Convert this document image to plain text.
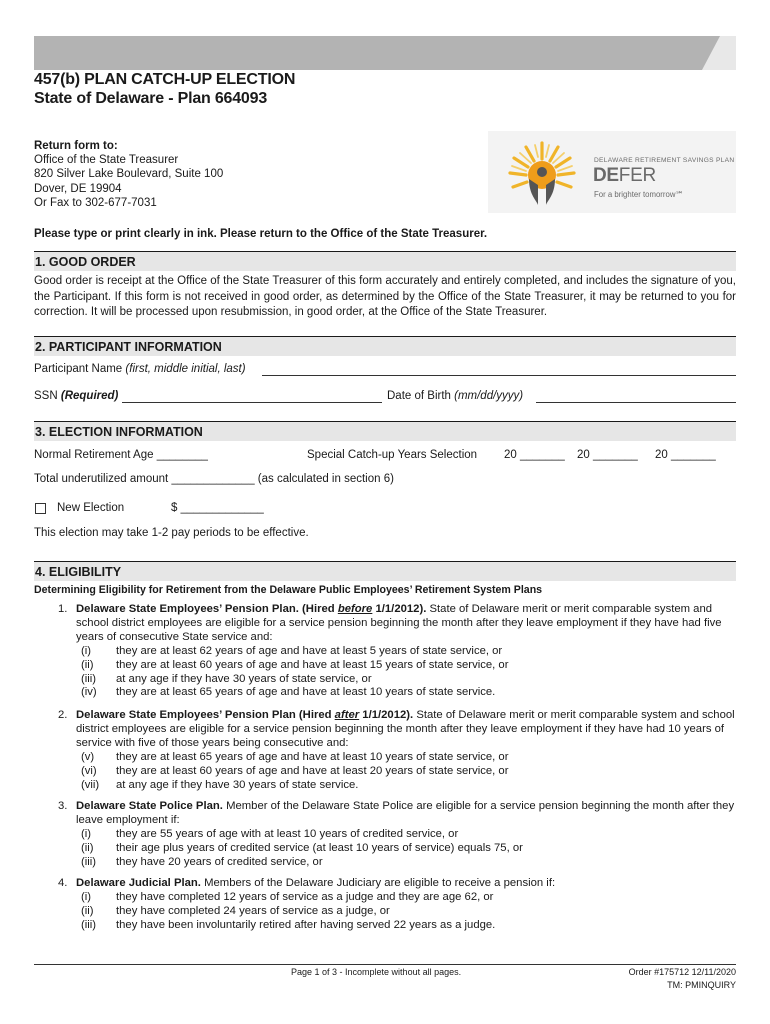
457(b) PLAN CATCH-UP ELECTION
State of Delaware - Plan 664093
Return form to:
Office of the State Treasurer
820 Silver Lake Boulevard, Suite 100
Dover, DE 19904
Or Fax to 302-677-7031
DELAWARE RETIREMENT SAVINGS PLAN
DEFER
For a brighter tomorrow℠
Please type or print clearly in ink. Please return to the Office of the State Treasurer.
1. GOOD ORDER
Good order is receipt at the Office of the State Treasurer of this form accurately and entirely completed, and includes the signature of you, the Participant. If this form is not received in good order, as determined by the Office of the State Treasurer, it may be returned to you for correction. It will be processed upon resubmission, in good order, at the Office of the State Treasurer.
2. PARTICIPANT INFORMATION
Participant Name (first, middle initial, last)
SSN (Required)	Date of Birth (mm/dd/yyyy)
3. ELECTION INFORMATION
Normal Retirement Age ________	Special Catch-up Years Selection 20 _______ 20 _______ 20 _______
Total underutilized amount _____________ (as calculated in section 6)
New Election	$ _____________
This election may take 1-2 pay periods to be effective.
4. ELIGIBILITY
Determining Eligibility for Retirement from the Delaware Public Employees’ Retirement System Plans
1. Delaware State Employees’ Pension Plan. (Hired before 1/1/2012). State of Delaware merit or merit comparable system and school district employees are eligible for a service pension beginning the month after they leave employment if they have had five years of consecutive State service and:
(i) they are at least 62 years of age and have at least 5 years of state service, or
(ii) they are at least 60 years of age and have at least 15 years of state service, or
(iii) at any age if they have 30 years of state service, or
(iv) they are at least 65 years of age and have at least 10 years of state service.
2. Delaware State Employees’ Pension Plan (Hired after 1/1/2012). State of Delaware merit or merit comparable system and school district employees are eligible for a service pension beginning the month after they leave employment if they have had 10 years of service with five of those years being consecutive and:
(v) they are at least 65 years of age and have at least 10 years of state service, or
(vi) they are at least 60 years of age and have at least 20 years of state service, or
(vii) at any age if they have 30 years of state service.
3. Delaware State Police Plan. Member of the Delaware State Police are eligible for a service pension beginning the month after they leave employment if:
(i) they are 55 years of age with at least 10 years of credited service, or
(ii) their age plus years of credited service (at least 10 years of service) equals 75, or
(iii) they have 20 years of credited service, or
4. Delaware Judicial Plan. Members of the Delaware Judiciary are eligible to receive a pension if:
(i) they have completed 12 years of service as a judge and they are age 62, or
(ii) they have completed 24 years of service as a judge, or
(iii) they have been involuntarily retired after having served 22 years as a judge.
Page 1 of 3 - Incomplete without all pages.	Order #175712 12/11/2020
TM: PMINQUIRY
